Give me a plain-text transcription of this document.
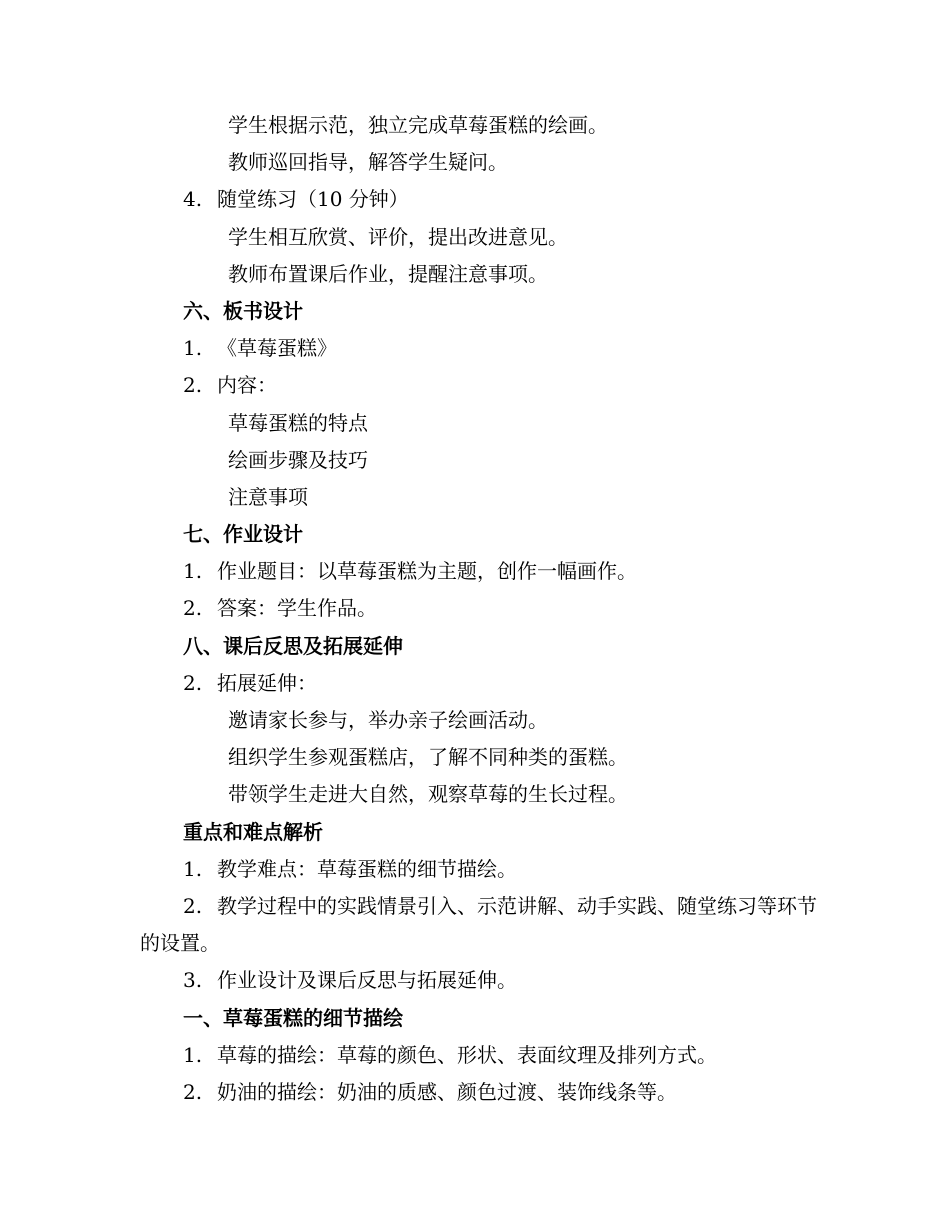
学生根据示范，独立完成草莓蛋糕的绘画。
教师巡回指导，解答学生疑问。
4. 随堂练习（10 分钟）
学生相互欣赏、评价，提出改进意见。
教师布置课后作业，提醒注意事项。
六、板书设计
1. 《草莓蛋糕》
2. 内容：
草莓蛋糕的特点
绘画步骤及技巧
注意事项
七、作业设计
1. 作业题目：以草莓蛋糕为主题，创作一幅画作。
2. 答案：学生作品。
八、课后反思及拓展延伸
2. 拓展延伸：
邀请家长参与，举办亲子绘画活动。
组织学生参观蛋糕店，了解不同种类的蛋糕。
带领学生走进大自然，观察草莓的生长过程。
重点和难点解析
1. 教学难点：草莓蛋糕的细节描绘。
2. 教学过程中的实践情景引入、示范讲解、动手实践、随堂练习等环节的设置。
3. 作业设计及课后反思与拓展延伸。
一、草莓蛋糕的细节描绘
1. 草莓的描绘：草莓的颜色、形状、表面纹理及排列方式。
2. 奶油的描绘：奶油的质感、颜色过渡、装饰线条等。
